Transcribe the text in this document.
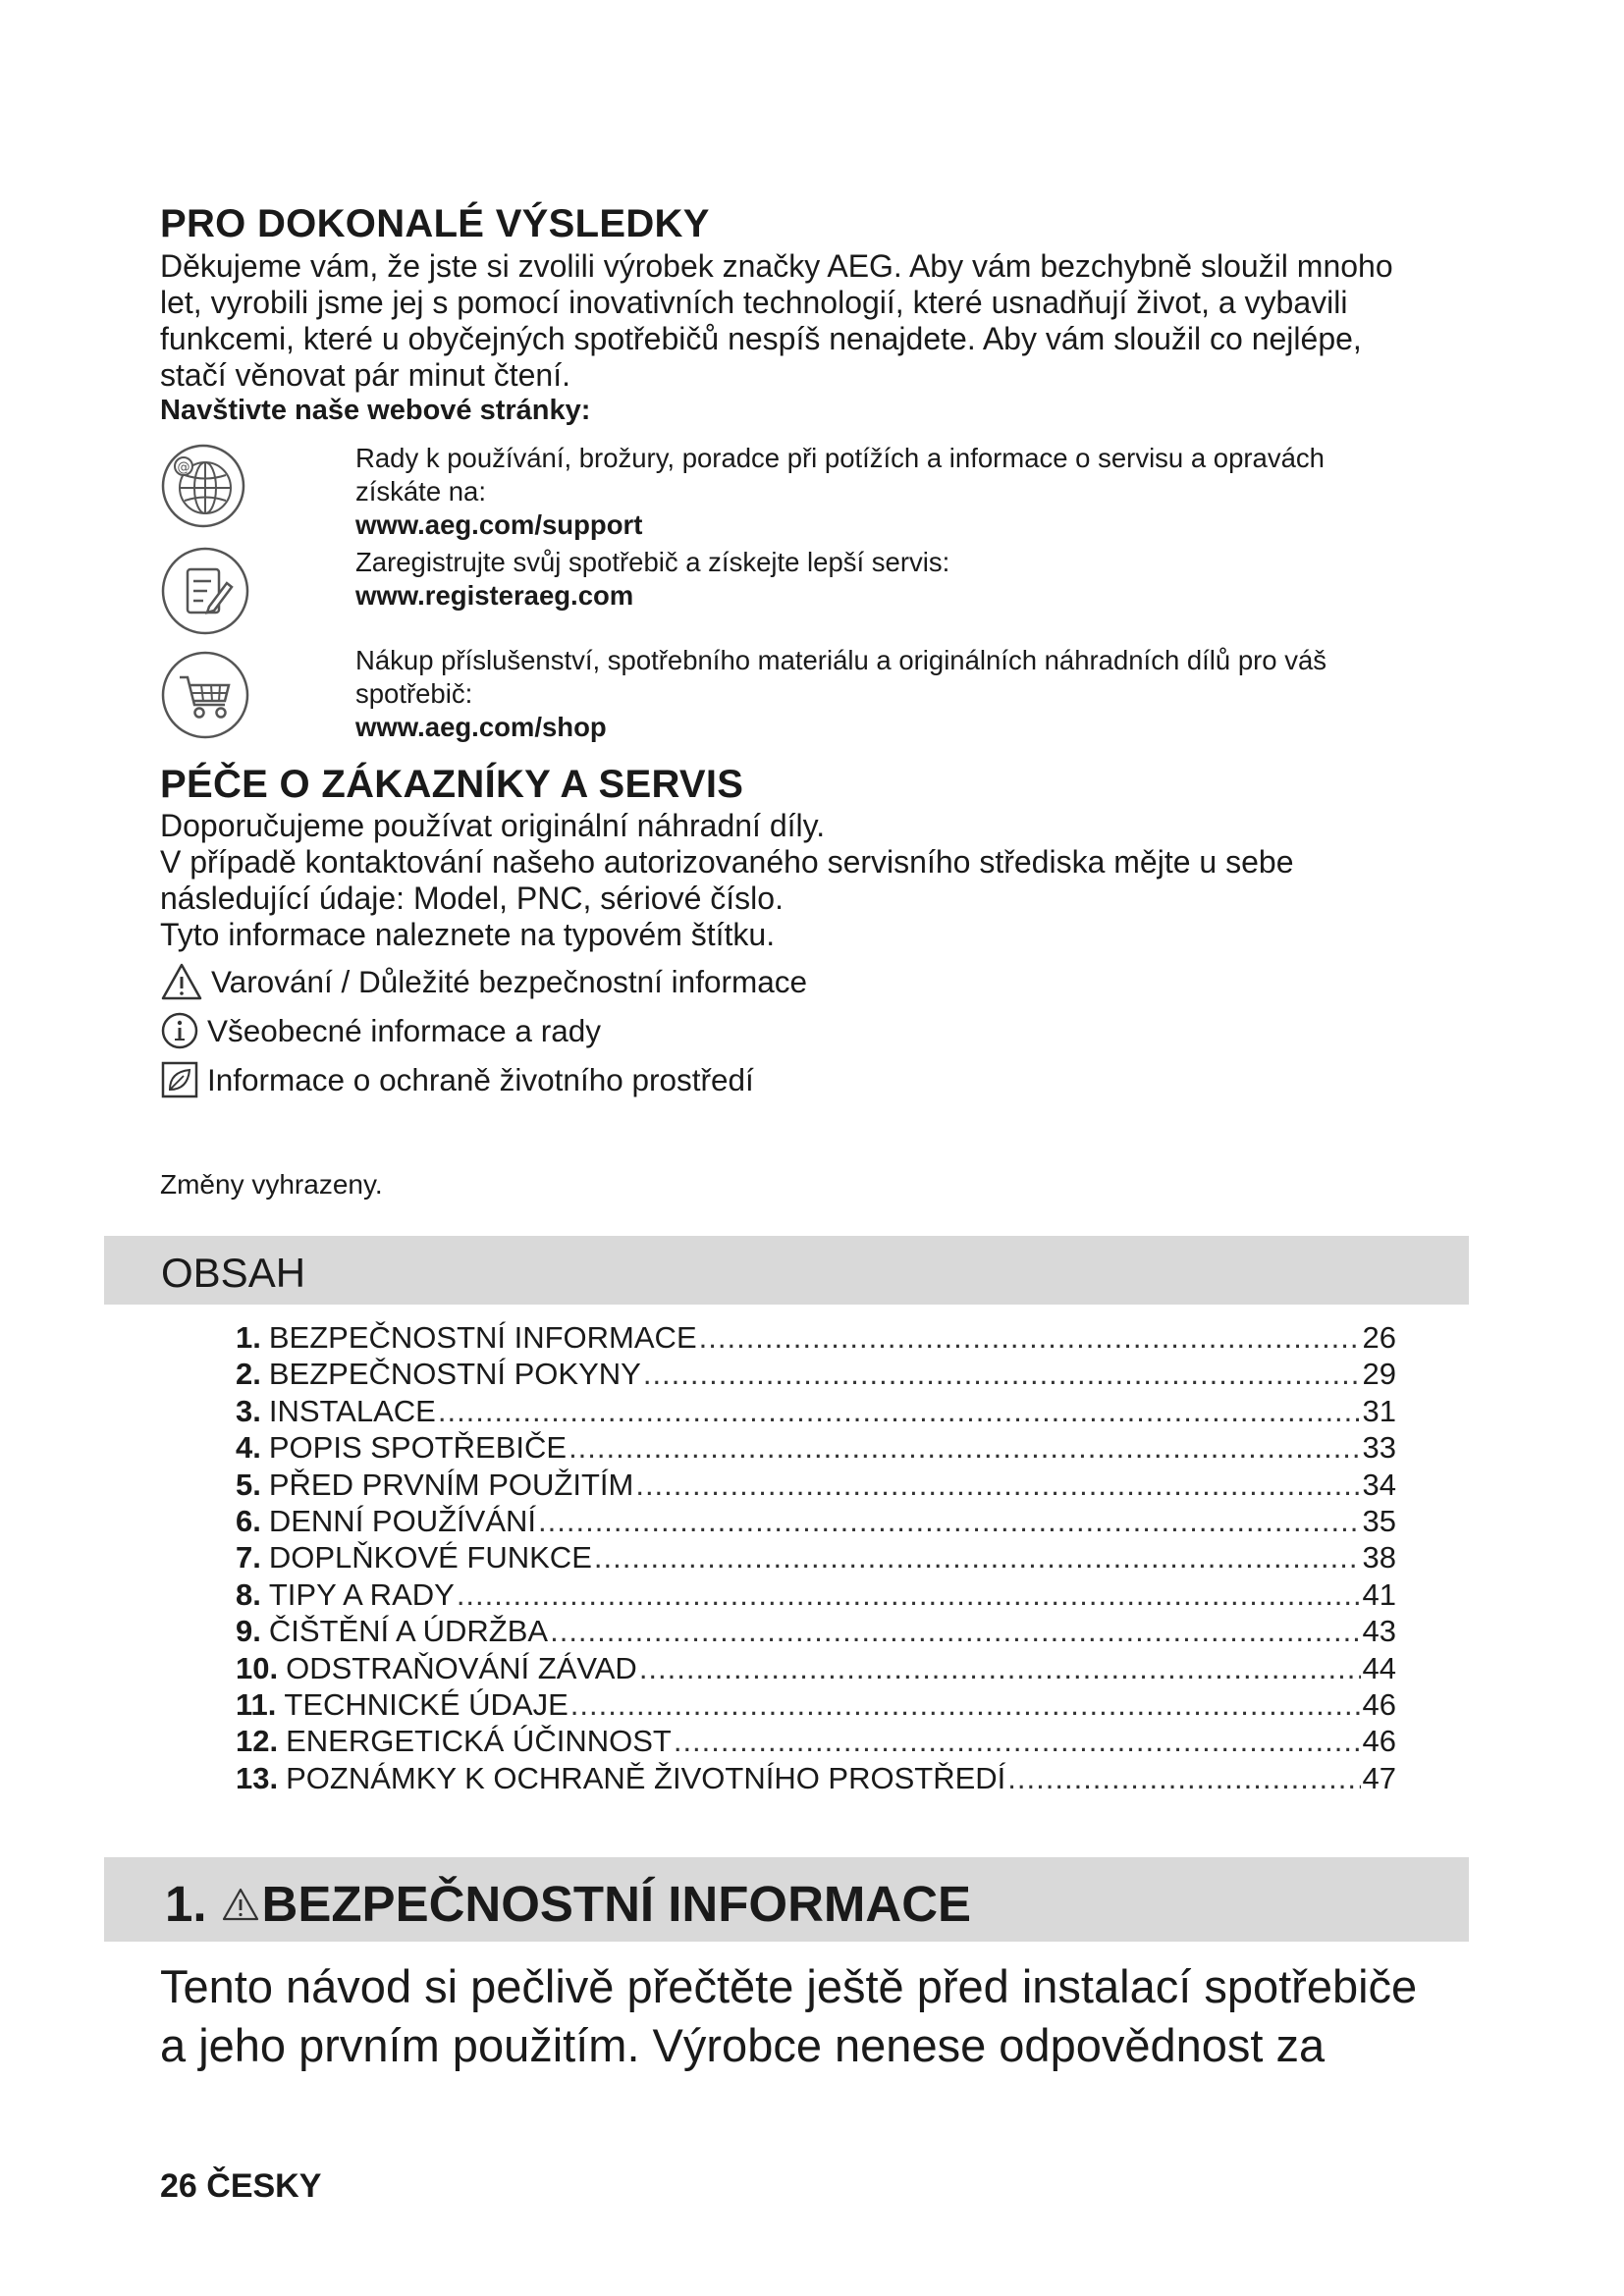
PRO DOKONALÉ VÝSLEDKY
Děkujeme vám, že jste si zvolili výrobek značky AEG. Aby vám bezchybně sloužil mnoho
let, vyrobili jsme jej s pomocí inovativních technologií, které usnadňují život, a vybavili
funkcemi, které u obyčejných spotřebičů nespíš nenajdete. Aby vám sloužil co nejlépe,
stačí věnovat pár minut čtení.
Navštivte naše webové stránky:
@	Rady k používání, brožury, poradce při potížích a informace o servisu a opravách
získáte na:
www.aeg.com/support
Zaregistrujte svůj spotřebič a získejte lepší servis:
www.registeraeg.com
Nákup příslušenství, spotřebního materiálu a originálních náhradních dílů pro váš
spotřebič:
www.aeg.com/shop
PÉČE O ZÁKAZNÍKY A SERVIS
Doporučujeme používat originální náhradní díly.
V případě kontaktování našeho autorizovaného servisního střediska mějte u sebe
následující údaje: Model, PNC, sériové číslo.
Tyto informace naleznete na typovém štítku.
Varování / Důležité bezpečnostní informace
Všeobecné informace a rady
Informace o ochraně životního prostředí
Změny vyhrazeny.
OBSAH
1. BEZPEČNOSTNÍ INFORMACE .....	26
2. BEZPEČNOSTNÍ POKYNY .....	29
3. INSTALACE .....	31
4. POPIS SPOTŘEBIČE .....	33
5. PŘED PRVNÍM POUŽITÍM .....	34
6. DENNÍ POUŽÍVÁNÍ .....	35
7. DOPLŇKOVÉ FUNKCE .....	38
8. TIPY A RADY .....	41
9. ČIŠTĚNÍ A ÚDRŽBA .....	43
10. ODSTRAŇOVÁNÍ ZÁVAD .....	44
11. TECHNICKÉ ÚDAJE .....	46
12. ENERGETICKÁ ÚČINNOST .....	46
13. POZNÁMKY K OCHRANĚ ŽIVOTNÍHO PROSTŘEDÍ .....	47
1. BEZPEČNOSTNÍ INFORMACE
Tento návod si pečlivě přečtěte ještě před instalací spotřebiče
a jeho prvním použitím. Výrobce nenese odpovědnost za
26 ČESKY
